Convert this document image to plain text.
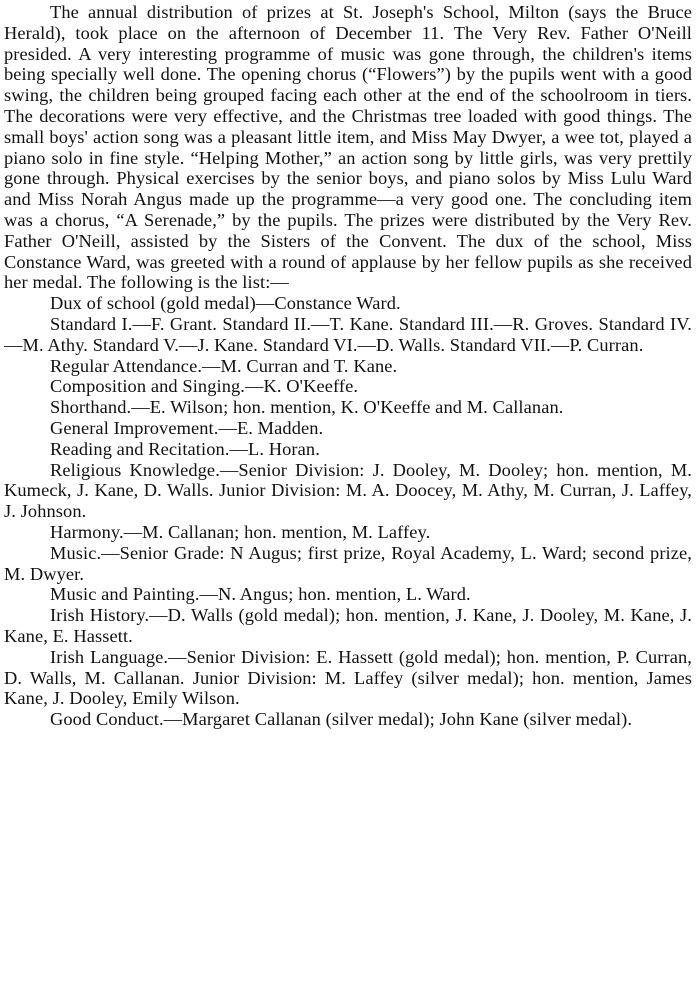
The annual distribution of prizes at St. Joseph's School, Milton (says the Bruce Herald), took place on the afternoon of December 11. The Very Rev. Father O'Neill presided. A very interesting programme of music was gone through, the children's items being specially well done. The opening chorus (“Flowers”) by the pupils went with a good swing, the children being grouped facing each other at the end of the schoolroom in tiers. The decorations were very effective, and the Christmas tree loaded with good things. The small boys' action song was a pleasant little item, and Miss May Dwyer, a wee tot, played a piano solo in fine style. “Helping Mother,” an action song by little girls, was very prettily gone through. Physical exercises by the senior boys, and piano solos by Miss Lulu Ward and Miss Norah Angus made up the programme—a very good one. The concluding item was a chorus, “A Serenade,” by the pupils. The prizes were distributed by the Very Rev. Father O'Neill, assisted by the Sisters of the Convent. The dux of the school, Miss Constance Ward, was greeted with a round of applause by her fellow pupils as she received her medal. The following is the list:—

Dux of school (gold medal)—Constance Ward.

Standard I.—F. Grant. Standard II.—T. Kane. Standard III.—R. Groves. Standard IV.—M. Athy. Standard V.—J. Kane. Standard VI.—D. Walls. Standard VII.—P. Curran.

Regular Attendance.—M. Curran and T. Kane.

Composition and Singing.—K. O'Keeffe.

Shorthand.—E. Wilson; hon. mention, K. O'Keeffe and M. Callanan.

General Improvement.—E. Madden.

Reading and Recitation.—L. Horan.

Religious Knowledge.—Senior Division: J. Dooley, M. Dooley; hon. mention, M. Kumeck, J. Kane, D. Walls. Junior Division: M. A. Doocey, M. Athy, M. Curran, J. Laffey, J. Johnson.

Harmony.—M. Callanan; hon. mention, M. Laffey.

Music.—Senior Grade: N Augus; first prize, Royal Academy, L. Ward; second prize, M. Dwyer.

Music and Painting.—N. Angus; hon. mention, L. Ward.

Irish History.—D. Walls (gold medal); hon. mention, J. Kane, J. Dooley, M. Kane, J. Kane, E. Hassett.

Irish Language.—Senior Division: E. Hassett (gold medal); hon. mention, P. Curran, D. Walls, M. Callanan. Junior Division: M. Laffey (silver medal); hon. mention, James Kane, J. Dooley, Emily Wilson.

Good Conduct.—Margaret Callanan (silver medal); John Kane (silver medal).
